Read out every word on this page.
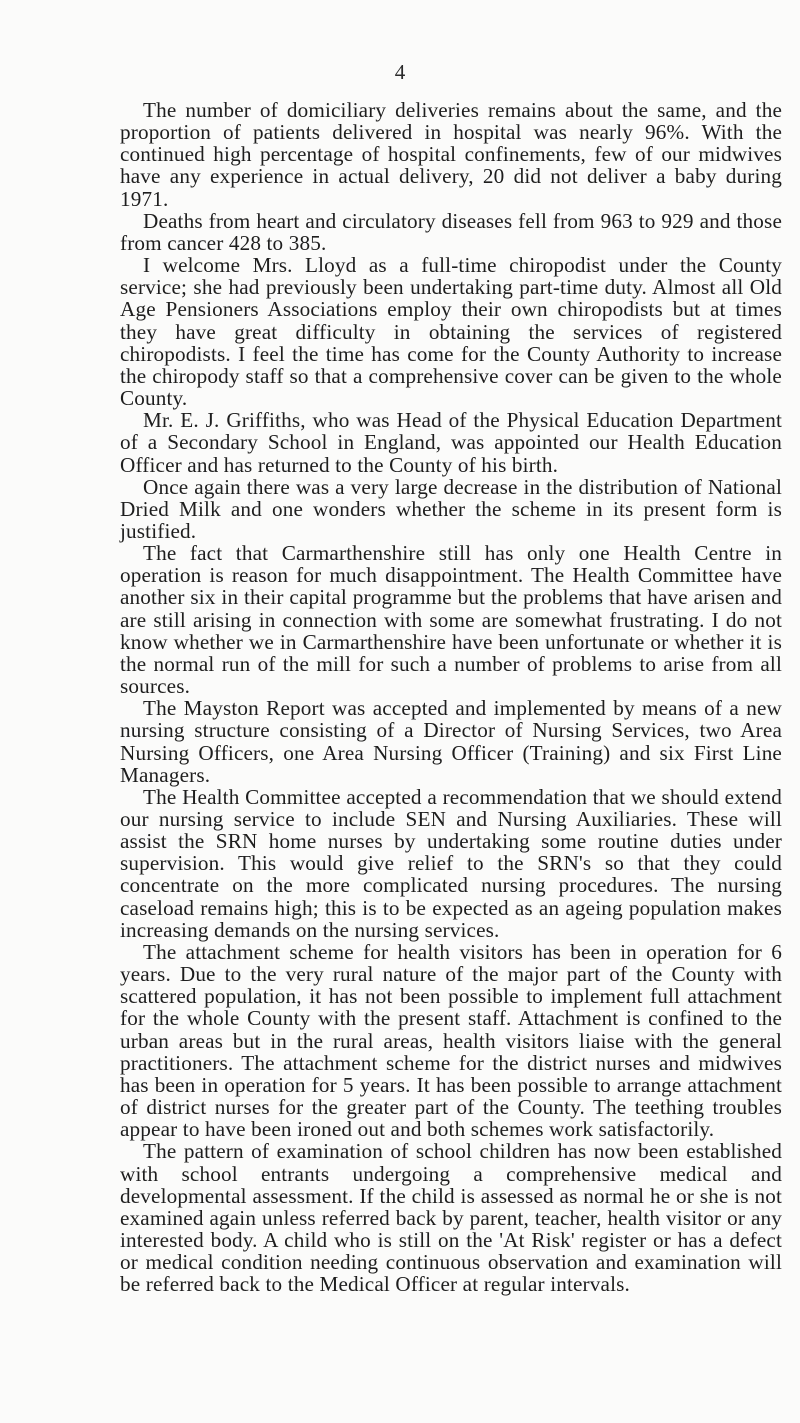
4

The number of domiciliary deliveries remains about the same, and the proportion of patients delivered in hospital was nearly 96%. With the continued high percentage of hospital confinements, few of our midwives have any experience in actual delivery, 20 did not deliver a baby during 1971.

Deaths from heart and circulatory diseases fell from 963 to 929 and those from cancer 428 to 385.

I welcome Mrs. Lloyd as a full-time chiropodist under the County service; she had previously been undertaking part-time duty. Almost all Old Age Pensioners Associations employ their own chiropodists but at times they have great difficulty in obtaining the services of registered chiropodists. I feel the time has come for the County Authority to increase the chiropody staff so that a comprehensive cover can be given to the whole County.

Mr. E. J. Griffiths, who was Head of the Physical Education Department of a Secondary School in England, was appointed our Health Education Officer and has returned to the County of his birth.

Once again there was a very large decrease in the distribution of National Dried Milk and one wonders whether the scheme in its present form is justified.

The fact that Carmarthenshire still has only one Health Centre in operation is reason for much disappointment. The Health Committee have another six in their capital programme but the problems that have arisen and are still arising in connection with some are somewhat frustrating. I do not know whether we in Carmarthenshire have been unfortunate or whether it is the normal run of the mill for such a number of problems to arise from all sources.

The Mayston Report was accepted and implemented by means of a new nursing structure consisting of a Director of Nursing Services, two Area Nursing Officers, one Area Nursing Officer (Training) and six First Line Managers.

The Health Committee accepted a recommendation that we should extend our nursing service to include SEN and Nursing Auxiliaries. These will assist the SRN home nurses by undertaking some routine duties under supervision. This would give relief to the SRN's so that they could concentrate on the more complicated nursing procedures. The nursing caseload remains high; this is to be expected as an ageing population makes increasing demands on the nursing services.

The attachment scheme for health visitors has been in operation for 6 years. Due to the very rural nature of the major part of the County with scattered population, it has not been possible to implement full attachment for the whole County with the present staff. Attachment is confined to the urban areas but in the rural areas, health visitors liaise with the general practitioners. The attachment scheme for the district nurses and midwives has been in operation for 5 years. It has been possible to arrange attachment of district nurses for the greater part of the County. The teething troubles appear to have been ironed out and both schemes work satisfactorily.

The pattern of examination of school children has now been established with school entrants undergoing a comprehensive medical and developmental assessment. If the child is assessed as normal he or she is not examined again unless referred back by parent, teacher, health visitor or any interested body. A child who is still on the 'At Risk' register or has a defect or medical condition needing continuous observation and examination will be referred back to the Medical Officer at regular intervals.
